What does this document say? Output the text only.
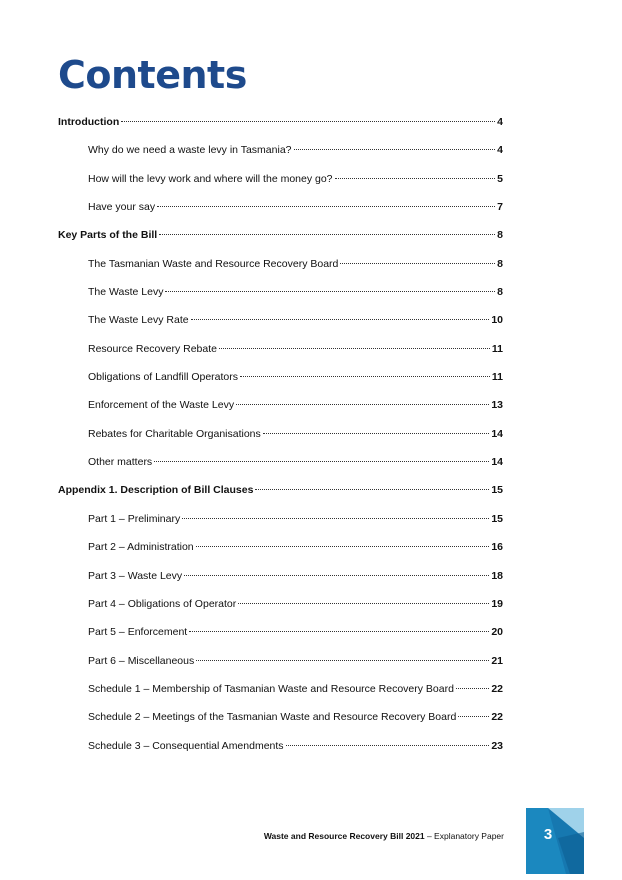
Contents
Introduction	4
Why do we need a waste levy in Tasmania?	4
How will the levy work and where will the money go?	5
Have your say	7
Key Parts of the Bill	8
The Tasmanian Waste and Resource Recovery Board	8
The Waste Levy	8
The Waste Levy Rate	10
Resource Recovery Rebate	11
Obligations of Landfill Operators	11
Enforcement of the Waste Levy	13
Rebates for Charitable Organisations	14
Other matters	14
Appendix 1. Description of Bill Clauses	15
Part 1 – Preliminary	15
Part 2 – Administration	16
Part 3 – Waste Levy	18
Part 4 – Obligations of Operator	19
Part 5 – Enforcement	20
Part 6 – Miscellaneous	21
Schedule 1 – Membership of Tasmanian Waste and Resource Recovery Board	22
Schedule 2 – Meetings of the Tasmanian Waste and Resource Recovery Board	22
Schedule 3 – Consequential Amendments	23
Waste and Resource Recovery Bill 2021 – Explanatory Paper	3
